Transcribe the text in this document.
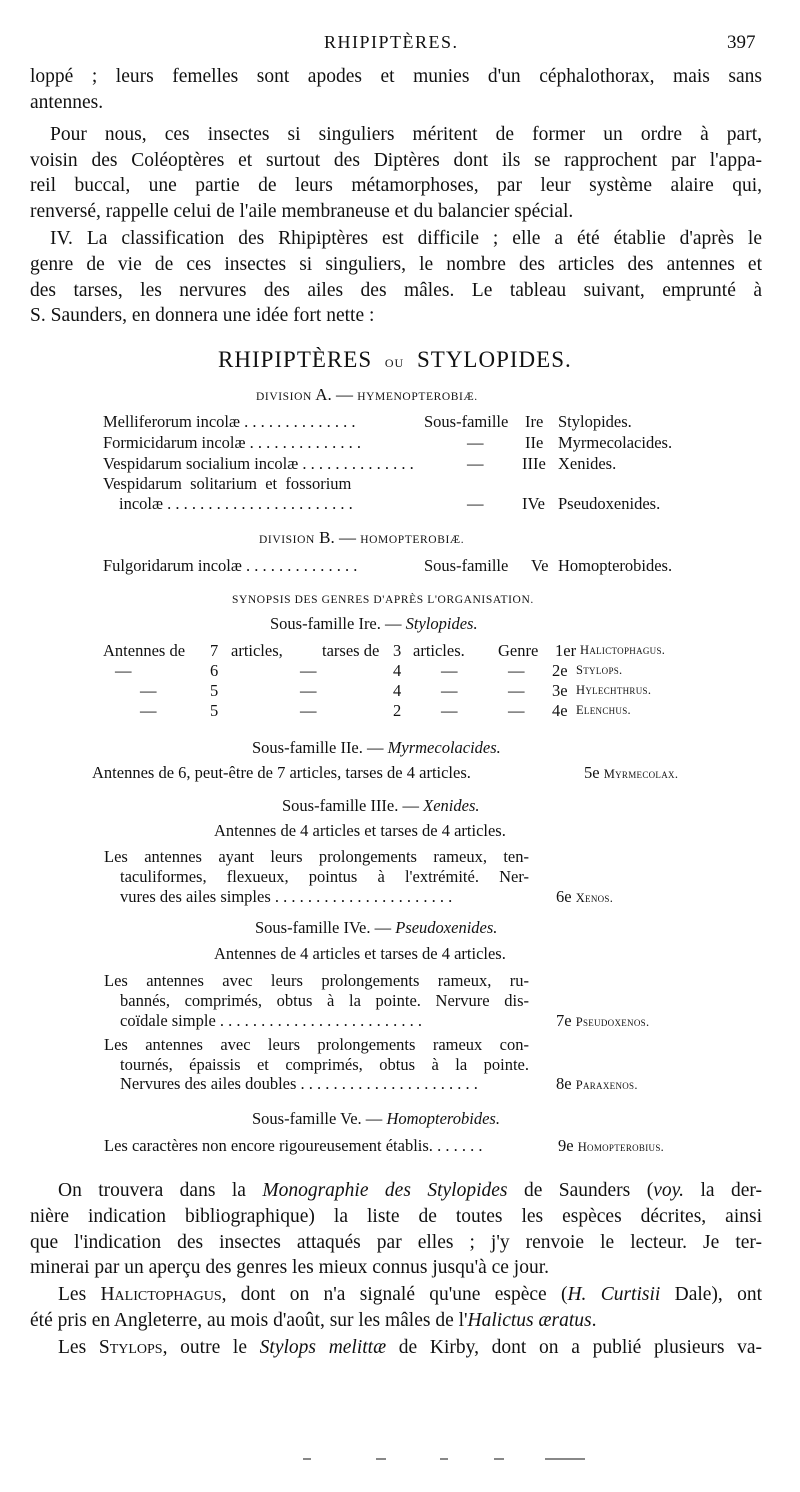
RHIPIPTÈRES.	397
loppé ; leurs femelles sont apodes et munies d'un céphalothorax, mais sans
antennes.
Pour nous, ces insectes si singuliers méritent de former un ordre à part,
voisin des Coléoptères et surtout des Diptères dont ils se rapprochent par l'appa-
reil buccal, une partie de leurs métamorphoses, par leur système alaire qui,
renversé, rappelle celui de l'aile membraneuse et du balancier spécial.
IV. La classification des Rhipiptères est difficile ; elle a été établie d'après le
genre de vie de ces insectes si singuliers, le nombre des articles des antennes et
des tarses, les nervures des ailes des mâles. Le tableau suivant, emprunté à
S. Saunders, en donnera une idée fort nette :
RHIPIPTÈRES ou STYLOPIDES.
DIVISION A. — HYMENOPTEROBIÆ.
Melliferorum incolæ . . . . . . . . . . . . . .	Sous-famille Ire Stylopides.
Formicidarum incolæ . . . . . . . . . . . . . .	—	IIe Myrmecolacides.
Vespidarum socialium incolæ . . . . . . . . . . . . . .	— IIIe Xenides.
Vespidarum  solitarium  et  fossorium
incolæ . . . . . . . . . . . . . . . . . . . . . . .	— IVe Pseudoxenides.
DIVISION B. — HOMOPTEROBIÆ.
Fulgoridarum incolæ . . . . . . . . . . . . . .	Sous-famille Ve Homopterobides.
SYNOPSIS DES GENRES D'APRÈS L'ORGANISATION.
Sous-famille Ire. — Stylopides.
Antennes de 7 articles, tarses de 3 articles. Genre 1er Halictophagus.
—	6	—	4 —	— 2e Stylops.
—	5	—	4 —	— 3e Hylechthrus.
—	5	—	2 —	— 4e Elenchus.
Sous-famille IIe. — Myrmecolacides.
Antennes de 6, peut-être de 7 articles, tarses de 4 articles.	5e Myrmecolax.
Sous-famille IIIe. — Xenides.
Antennes de 4 articles et tarses de 4 articles.
Les antennes ayant leurs prolongements rameux, ten-
taculiformes, flexueux, pointus à l'extrémité. Ner-
vures des ailes simples . . . . . . . . . . . . . . . . . . . . . .	6e Xenos.
Sous-famille IVe. — Pseudoxenides.
Antennes de 4 articles et tarses de 4 articles.
Les antennes avec leurs prolongements rameux, ru-
bannés, comprimés, obtus à la pointe. Nervure dis-
coïdale simple . . . . . . . . . . . . . . . . . . . . . . . . .	7e Pseudoxenos.
Les antennes avec leurs prolongements rameux con-
tournés, épaissis et comprimés, obtus à la pointe.
Nervures des ailes doubles . . . . . . . . . . . . . . . . . . . . . .	8e Paraxenos.
Sous-famille Ve. — Homopterobides.
Les caractères non encore rigoureusement établis. . . . . . .	9e Homopterobius.
On trouvera dans la Monographie des Stylopides de Saunders (voy. la der-
nière indication bibliographique) la liste de toutes les espèces décrites, ainsi
que l'indication des insectes attaqués par elles ; j'y renvoie le lecteur. Je ter-
minerai par un aperçu des genres les mieux connus jusqu'à ce jour.
Les Halictophagus, dont on n'a signalé qu'une espèce (H. Curtisii Dale), ont
été pris en Angleterre, au mois d'août, sur les mâles de l'Halictus æratus.
Les Stylops, outre le Stylops melittæ de Kirby, dont on a publié plusieurs va-
